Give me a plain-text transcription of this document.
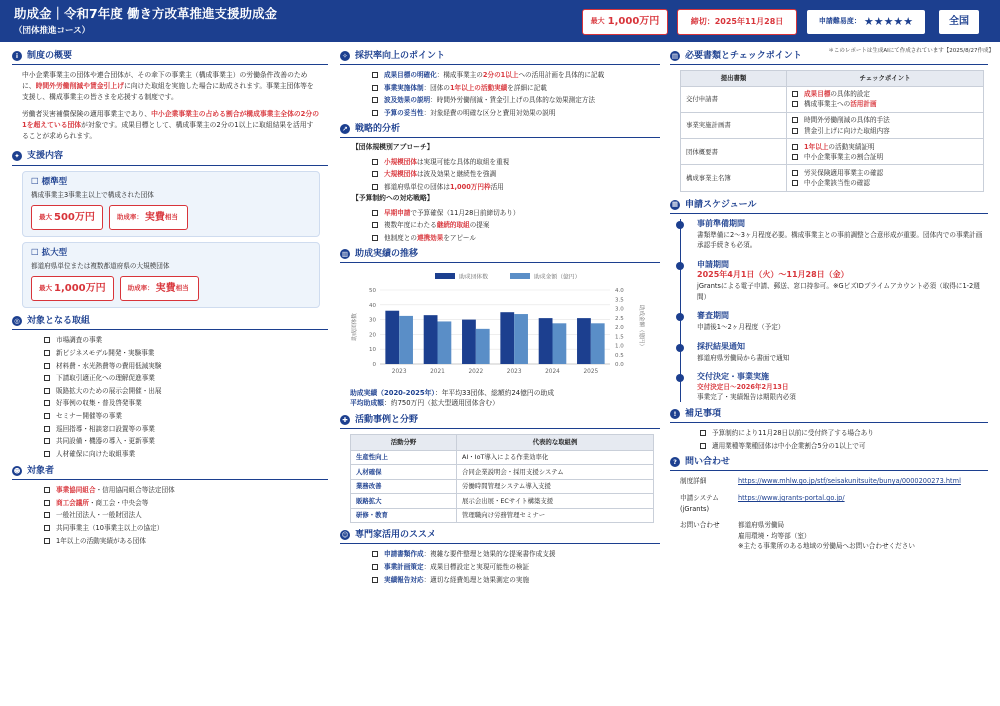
助成金｜令和7年度 働き方改革推進支援助成金
（団体推進コース）
最大 1,000万円	締切：2025年11月28日	申請難易度： ★★★★★	全国
＊このレポートは生成AIにて作成されています【2025/8/27作成】
i 制度の概要
中小企業事業主の団体や連合団体が、その傘下の事業主（構成事業主）の労働条件改善のために、時間外労働削減や賃金引上げに向けた取組を実施した場合に助成されます。事業主団体等を支援し、構成事業主の皆さまを応援する制度です。
労働者災害補償保険の適用事業主であり、中小企業事業主の占める割合が構成事業主全体の2分の1を超えている団体が対象です。成果目標として、構成事業主の2分の1以上に取組結果を活用することが求められます。
✦ 支援内容
☐ 標準型
構成事業主3事業主以上で構成された団体
最大 500万円	助成率： 実費 相当
☐ 拡大型
都道府県単位または複数都道府県の大規模団体
最大 1,000万円	助成率： 実費 相当
◎ 対象となる取組
市場調査の事業
新ビジネスモデル開発・実験事業
材料費・水光熱費等の費用低減実験
下請取引適正化への理解促進事業
販路拡大のための展示会開催・出展
好事例の収集・普及啓発事業
セミナー開催等の事業
巡回指導・相談窓口設置等の事業
共同設備・機器の導入・更新事業
人材確保に向けた取組事業
☻ 対象者
事業協同組合・信用協同組合等法定団体
商工会議所・商工会・中央会等
一般社団法人・一般財団法人
共同事業主（10事業主以上の協定）
1年以上の活動実績がある団体
✧ 採択率向上のポイント
成果目標の明確化：構成事業主の2分の1以上への活用計画を具体的に記載
事業実施体制：団体の1年以上の活動実績を詳細に記載
波及効果の説明：時間外労働削減・賃金引上げの具体的な効果測定方法
予算の妥当性：対象経費の明確な区分と費用対効果の説明
↗ 戦略的分析
【団体規模別アプローチ】
小規模団体は実現可能な具体的取組を重視
大規模団体は波及効果と継続性を強調
都道府県単位の団体は1,000万円枠活用
【予算制約への対応戦略】
早期申請で予算確保（11月28日前締切あり）
複数年度にわたる継続的取組の提案
他制度との連携効果をアピール
▥ 助成実績の推移
助成団体数	助成金額（億円）
0
10
20
30
40
50
0.0
0.5
1.0
1.5
2.0
2.5
3.0
3.5
4.0
助成団体数	助成金額（億円）
2023	2021	2022	2023	2024	2025
助成実績（2020-2025年）：年平均33団体、総額約24億円の助成
平均助成額：約750万円（拡大型適用団体含む）
✚ 活動事例と分野
活動分野	代表的な取組例
生産性向上	AI・IoT導入による作業効率化
人材確保	合同企業説明会・採用支援システム
業務改善	労働時間管理システム導入支援
販路拡大	展示会出展・ECサイト構築支援
研修・教育	管理職向け労務管理セミナー
☺ 専門家活用のススメ
申請書類作成：複雑な要件整理と効果的な提案書作成支援
事業計画策定：成果目標設定と実現可能性の検証
実績報告対応：適切な経費処理と効果測定の実施
▤ 必要書類とチェックポイント
提出書類	チェックポイント
交付申請書	成果目標の具体的設定
構成事業主への活用計画

事業実施計画書	時間外労働削減の具体的手法
賃金引上げに向けた取組内容

団体概要書	1年以上の活動実績証明
中小企業事業主の割合証明

構成事業主名簿	労災保険適用事業主の確認
中小企業該当性の確認
▦ 申請スケジュール
事前準備期間
書類準備に2〜3ヶ月程度必要。構成事業主との事前調整と合意形成が重要。団体内での事業計画承認手続きも必須。
申請期間
2025年4月1日（火）〜11月28日（金）
jGrantsによる電子申請、郵送、窓口持参可。※GビズIDプライムアカウント必須（取得に1-2週間）
審査期間
申請後1〜2ヶ月程度（予定）
採択結果通知
都道府県労働局から書面で通知
交付決定・事業実施
交付決定日〜2026年2月13日
事業完了・実績報告は期限内必須
! 補足事項
予算制約により11月28日以前に受付終了する場合あり
適用業種等業種団体は中小企業割合5分の1以上で可
? 問い合わせ
制度詳細	https://www.mhlw.go.jp/stf/seisakunitsuite/bunya/0000200273.html
申請システム(jGrants)
https://www.jgrants-portal.go.jp/
お問い合わせ	都道府県労働局
雇用環境・均等部（室）
※主たる事業所のある地域の労働局へお問い合わせください
